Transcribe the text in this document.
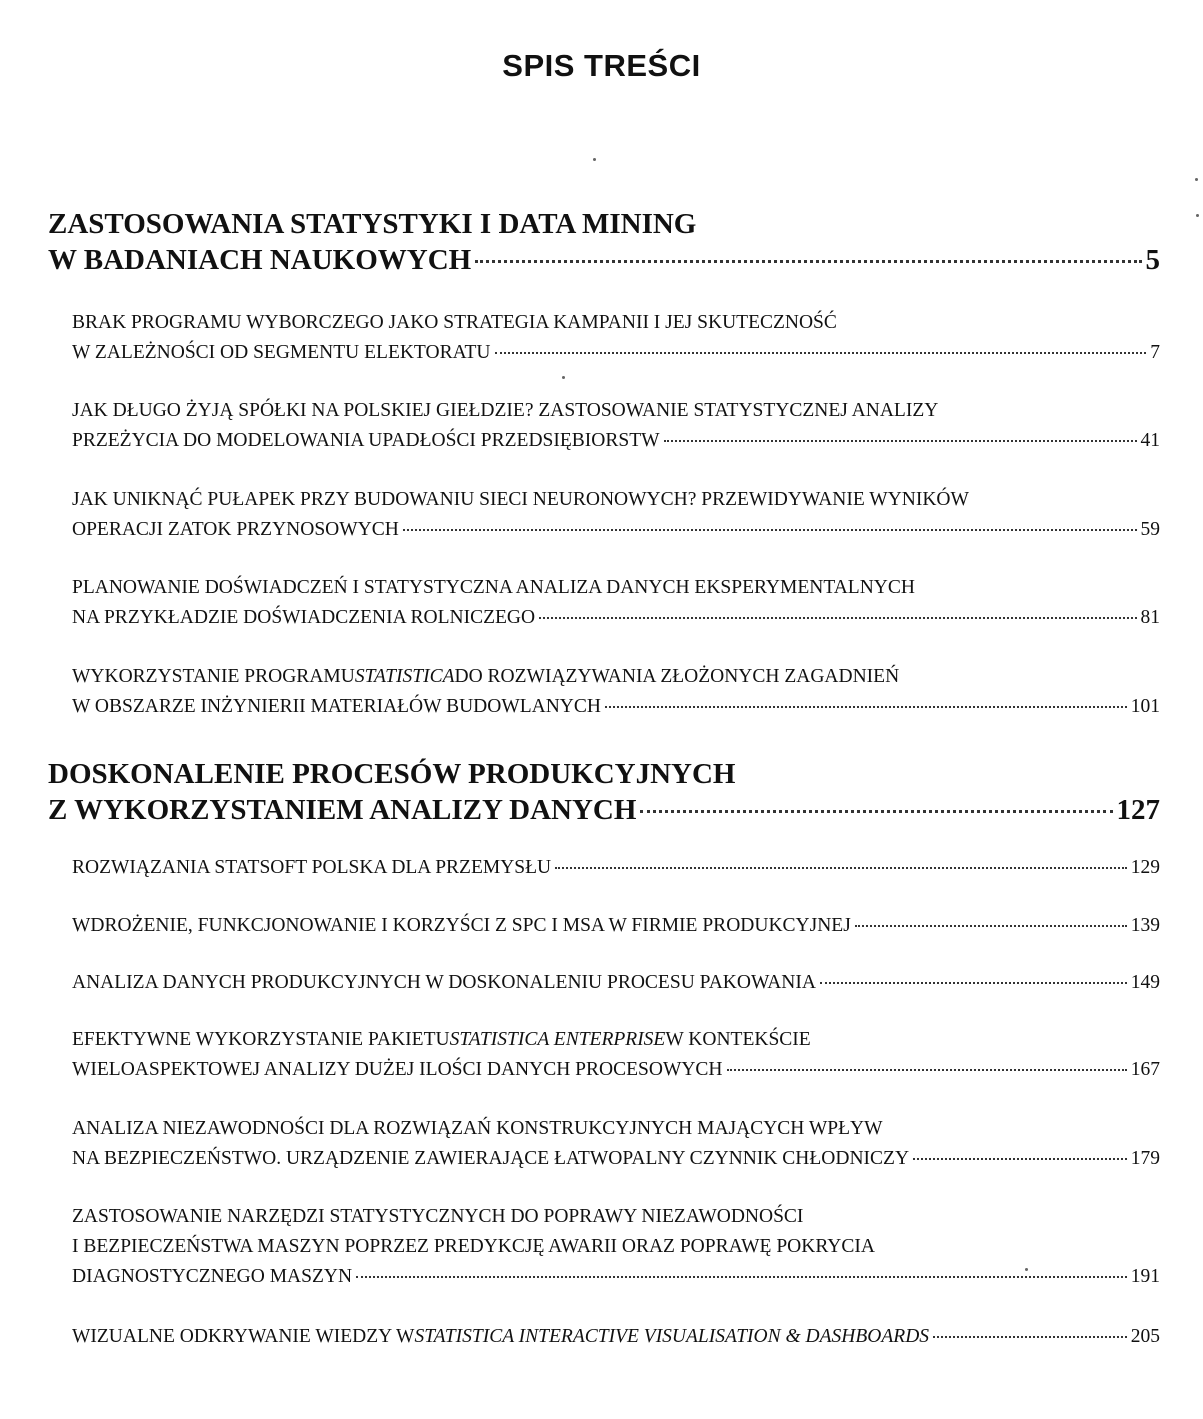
SPIS TREŚCI
ZASTOSOWANIA STATYSTYKI I DATA MINING
W BADANIACH NAUKOWYCH	5
BRAK PROGRAMU WYBORCZEGO JAKO STRATEGIA KAMPANII I JEJ SKUTECZNOŚĆ
W ZALEŻNOŚCI OD SEGMENTU ELEKTORATU	7
JAK DŁUGO ŻYJĄ SPÓŁKI NA POLSKIEJ GIEŁDZIE? ZASTOSOWANIE STATYSTYCZNEJ ANALIZY
PRZEŻYCIA DO MODELOWANIA UPADŁOŚCI PRZEDSIĘBIORSTW	41
JAK UNIKNĄĆ PUŁAPEK PRZY BUDOWANIU SIECI NEURONOWYCH? PRZEWIDYWANIE WYNIKÓW
OPERACJI ZATOK PRZYNOSOWYCH	59
PLANOWANIE DOŚWIADCZEŃ I STATYSTYCZNA ANALIZA DANYCH EKSPERYMENTALNYCH
NA PRZYKŁADZIE DOŚWIADCZENIA ROLNICZEGO	81
WYKORZYSTANIE PROGRAMU STATISTICA DO ROZWIĄZYWANIA ZŁOŻONYCH ZAGADNIEŃ
W OBSZARZE INŻYNIERII MATERIAŁÓW BUDOWLANYCH	101
DOSKONALENIE PROCESÓW PRODUKCYJNYCH
Z WYKORZYSTANIEM ANALIZY DANYCH	127
ROZWIĄZANIA STATSOFT POLSKA DLA PRZEMYSŁU	129
WDROŻENIE, FUNKCJONOWANIE I KORZYŚCI Z SPC I MSA W FIRMIE PRODUKCYJNEJ	139
ANALIZA DANYCH PRODUKCYJNYCH W DOSKONALENIU PROCESU PAKOWANIA	149
EFEKTYWNE WYKORZYSTANIE PAKIETU STATISTICA ENTERPRISE W KONTEKŚCIE
WIELOASPEKTOWEJ ANALIZY DUŻEJ ILOŚCI DANYCH PROCESOWYCH	167
ANALIZA NIEZAWODNOŚCI DLA ROZWIĄZAŃ KONSTRUKCYJNYCH MAJĄCYCH WPŁYW
NA BEZPIECZEŃSTWO. URZĄDZENIE ZAWIERAJĄCE ŁATWOPALNY CZYNNIK CHŁODNICZY	179
ZASTOSOWANIE NARZĘDZI STATYSTYCZNYCH DO POPRAWY NIEZAWODNOŚCI
I BEZPIECZEŃSTWA MASZYN POPRZEZ PREDYKCJĘ AWARII ORAZ POPRAWĘ POKRYCIA
DIAGNOSTYCZNEGO MASZYN	191
WIZUALNE ODKRYWANIE WIEDZY W STATISTICA INTERACTIVE VISUALISATION & DASHBOARDS	205
